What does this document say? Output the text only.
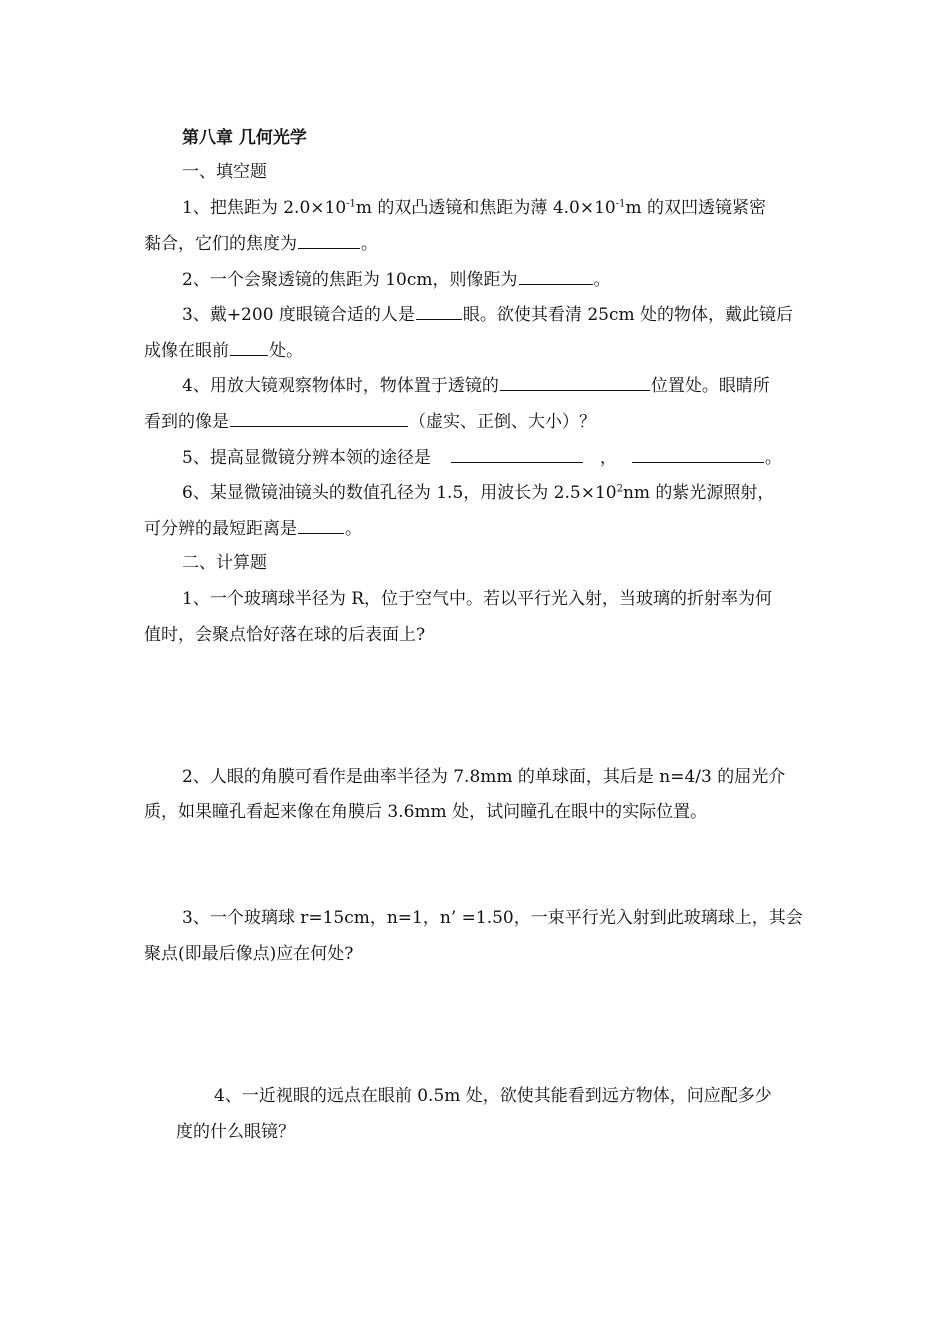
第八章 几何光学
一、填空题
1、把焦距为 $2.0\times 10^{-1}m$ 的双凸透镜和焦距为薄 $4.0\times 10^{-1}m$ 的双凹透镜紧密
黏合，它们的焦度为	。
2、一个会聚透镜的焦距为 10cm，则像距为	。
3、戴+200 度眼镜合适的人是	眼。欲使其看清 25cm 处的物体，戴此镜后
成像在眼前 处。
4、用放大镜观察物体时，物体置于透镜的	位置处。眼睛所
看到的像是	（虚实、正倒、大小）？
5、提高显微镜分辨本领的途径是	，	。
6、某显微镜油镜头的数值孔径为 1.5，用波长为 $2.5\times 10^2nm$ 的紫光源照射，
可分辨的最短距离是	。
二、计算题
1、一个玻璃球半径为 R，位于空气中。若以平行光入射，当玻璃的折射率为何
值时，会聚点恰好落在球的后表面上?
2、人眼的角膜可看作是曲率半径为 7.8mm 的单球面，其后是 n=4/3 的屈光介
质，如果瞳孔看起来像在角膜后 3.6mm 处，试问瞳孔在眼中的实际位置。
3、一个玻璃球 r=15cm，n=1，n’ =1.50，一束平行光入射到此玻璃球上，其会
聚点(即最后像点)应在何处?
4、一近视眼的远点在眼前 0.5m 处，欲使其能看到远方物体，问应配多少
度的什么眼镜？
